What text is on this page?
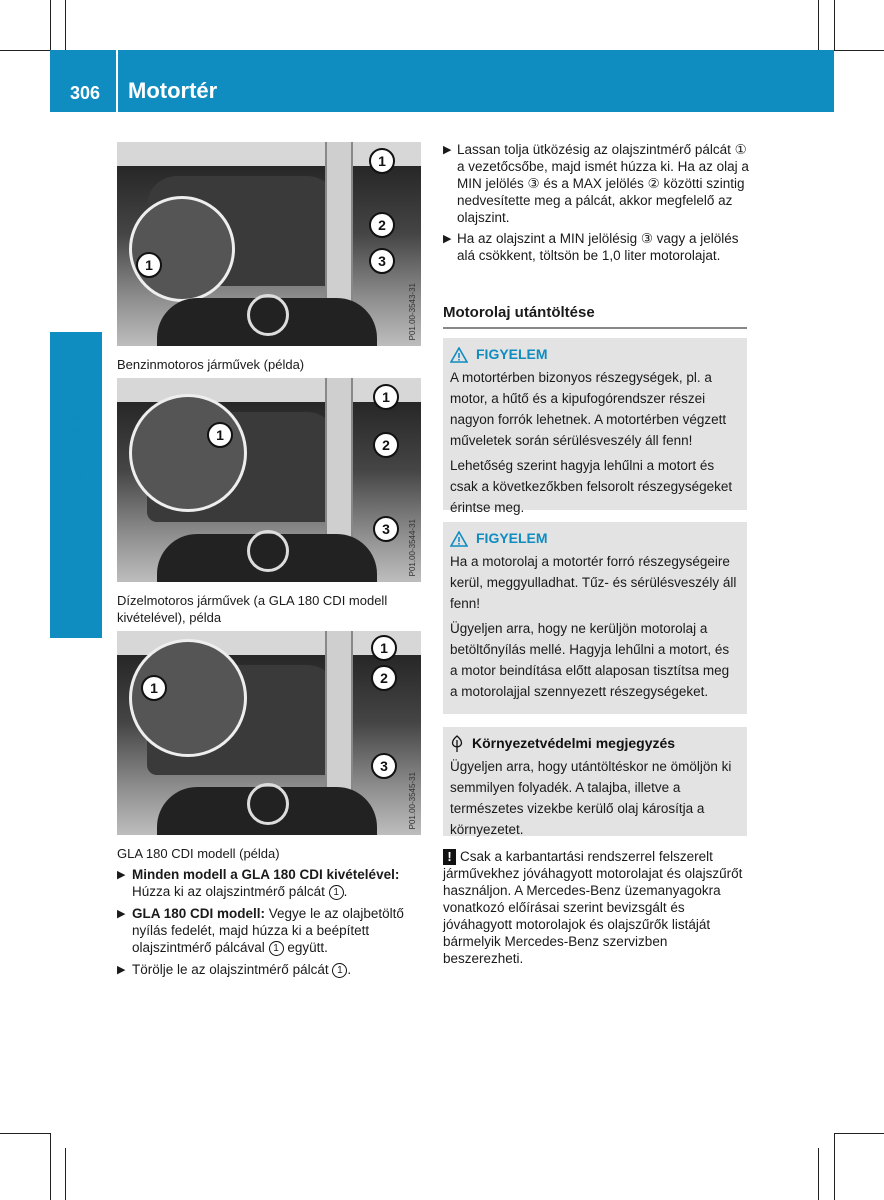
306 Motortér
Karbantartás és ápolás
1
1
2
3
P01.00-3543-31
Benzinmotoros járművek (példa)
1
1
2
3	P01.00-3544-31
Dízelmotoros járművek (a GLA 180 CDI modell kivételével), példa
1
1
2
3
P01.00-3545-31
GLA 180 CDI modell (példa)
▶ Minden modell a GLA 180 CDI kivételével: Húzza ki az olajszintmérő pálcát 1 .
▶ GLA 180 CDI modell: Vegye le az olajbetöltő nyílás fedelét, majd húzza ki a beépített olajszintmérő pálcával 1 együtt.
▶ Törölje le az olajszintmérő pálcát 1 .
▶ Lassan tolja ütközésig az olajszintmérő pálcát ① a vezetőcsőbe, majd ismét húzza ki. Ha az olaj a MIN jelölés ③ és a MAX jelölés ② közötti szintig nedvesítette meg a pálcát, akkor megfelelő az olajszint.
▶ Ha az olajszint a MIN jelölésig ③ vagy a jelölés alá csökkent, töltsön be 1,0 liter motorolajat.
Motorolaj utántöltése
FIGYELEM

A motortérben bizonyos részegységek, pl. a motor, a hűtő és a kipufogórendszer részei nagyon forrók lehetnek. A motortérben végzett műveletek során sérülésveszély áll fenn!

Lehetőség szerint hagyja lehűlni a motort és csak a következőkben felsorolt részegységeket érintse meg.

FIGYELEM

Ha a motorolaj a motortér forró részegységeire kerül, meggyulladhat. Tűz- és sérülésveszély áll fenn!

Ügyeljen arra, hogy ne kerüljön motorolaj a betöltőnyílás mellé. Hagyja lehűlni a motort, és a motor beindítása előtt alaposan tisztítsa meg a motorolajjal szennyezett részegységeket.

Környezetvédelmi megjegyzés

Ügyeljen arra, hogy utántöltéskor ne ömöljön ki semmilyen folyadék. A talajba, illetve a természetes vizekbe kerülő olaj károsítja a környezetet.

! Csak a karbantartási rendszerrel felszerelt járművekhez jóváhagyott motorolajat és olajszűrőt használjon. A Mercedes-Benz üzemanyagokra vonatkozó előírásai szerint bevizsgált és jóváhagyott motorolajok és olajszűrők listáját bármelyik Mercedes-Benz szervizben beszerezheti.
